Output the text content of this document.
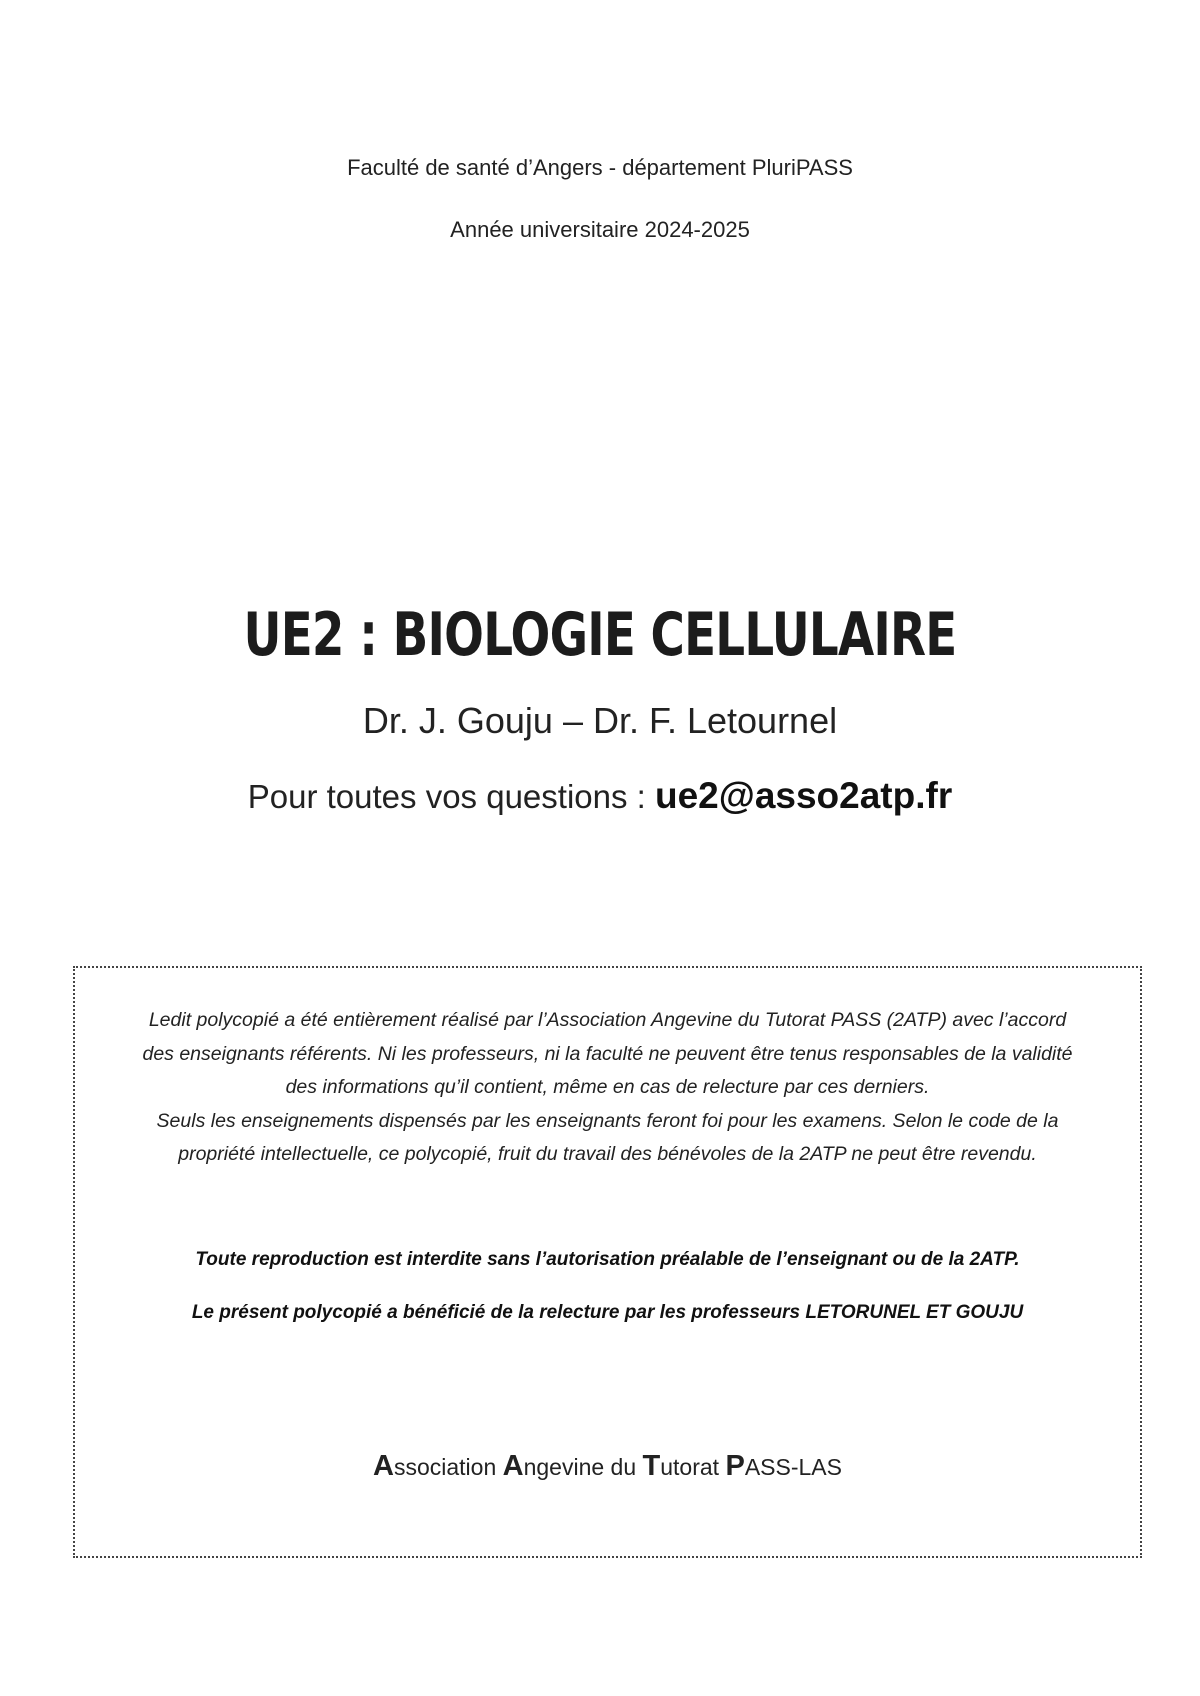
Faculté de santé d’Angers - département PluriPASS
Année universitaire 2024-2025
UE2 : BIOLOGIE CELLULAIRE
Dr. J. Gouju – Dr. F. Letournel
Pour toutes vos questions : ue2@asso2atp.fr
Ledit polycopié a été entièrement réalisé par l’Association Angevine du Tutorat PASS (2ATP) avec l’accord
des enseignants référents. Ni les professeurs, ni la faculté ne peuvent être tenus responsables de la validité
des informations qu’il contient, même en cas de relecture par ces derniers.
Seuls les enseignements dispensés par les enseignants feront foi pour les examens. Selon le code de la
propriété intellectuelle, ce polycopié, fruit du travail des bénévoles de la 2ATP ne peut être revendu.
Toute reproduction est interdite sans l’autorisation préalable de l’enseignant ou de la 2ATP.
Le présent polycopié a bénéficié de la relecture par les professeurs LETORUNEL ET GOUJU
Association Angevine du Tutorat PASS-LAS
